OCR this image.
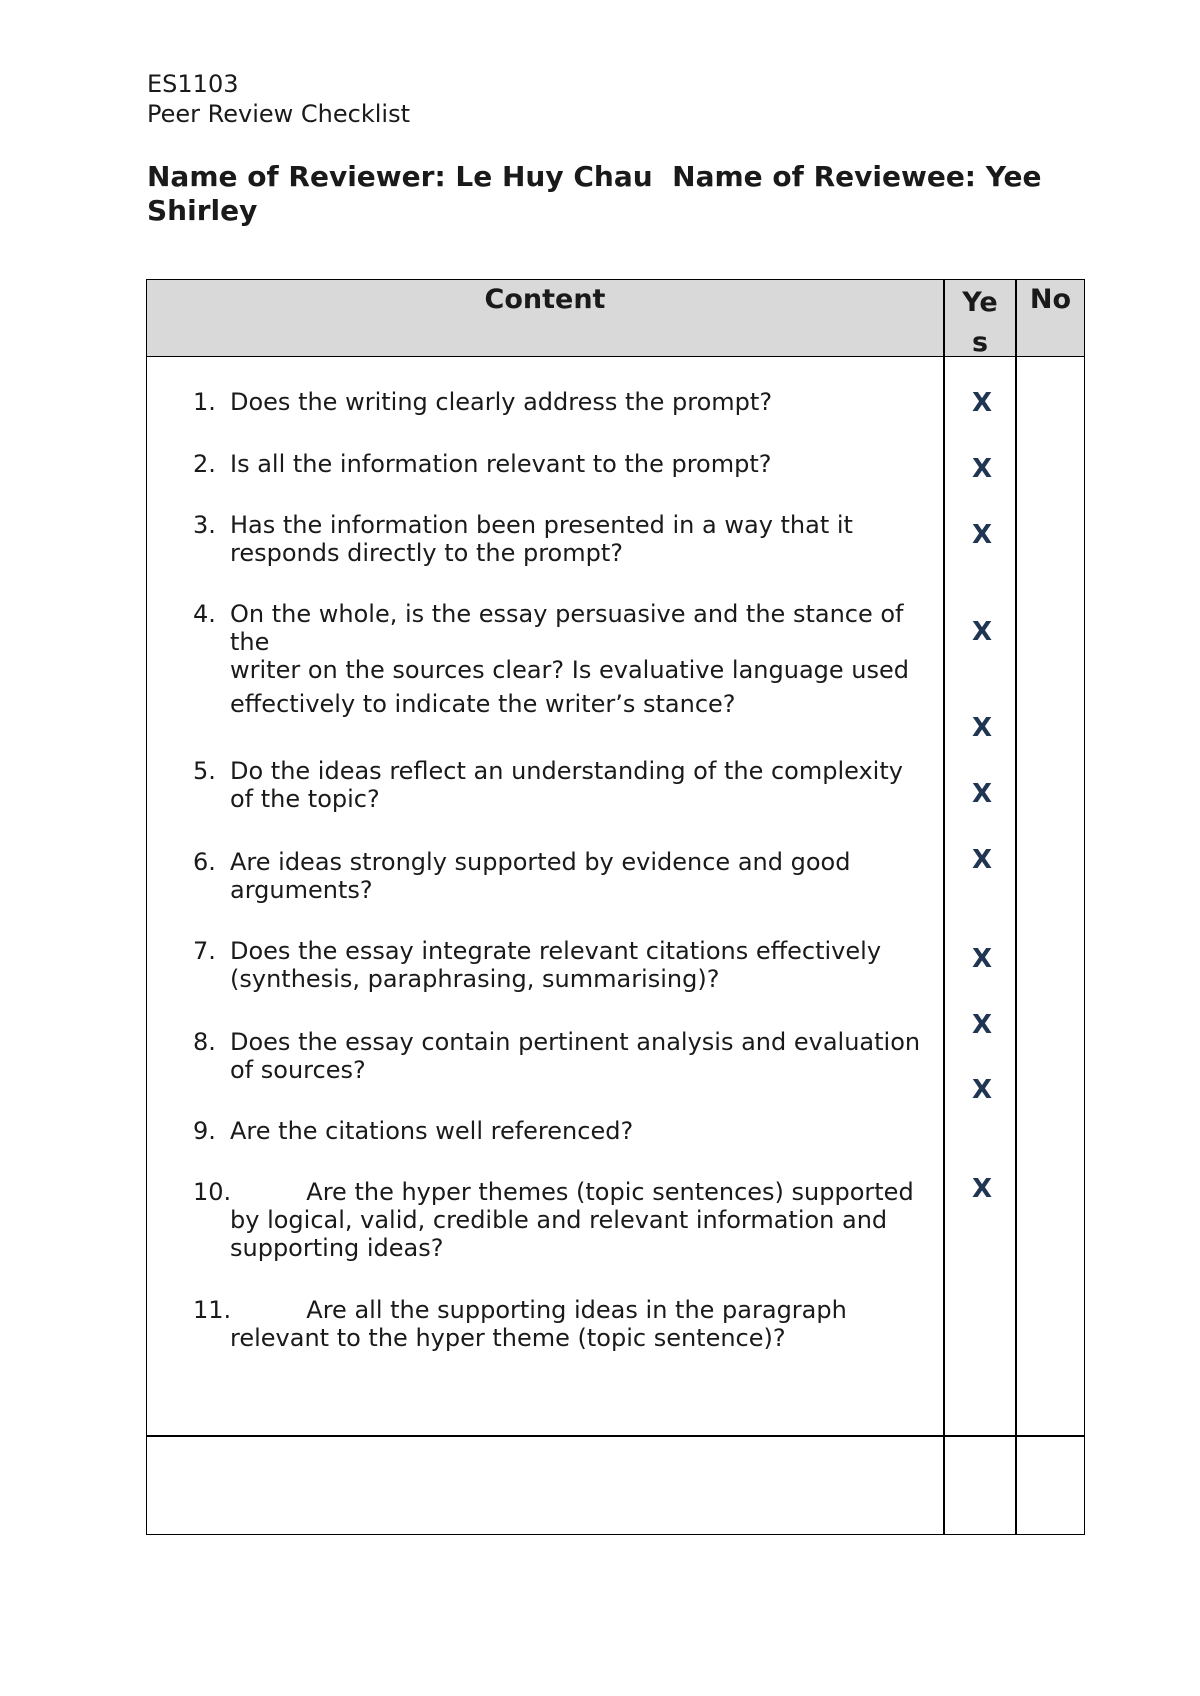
ES1103
Peer Review Checklist
Name of Reviewer: Le Huy Chau  Name of Reviewee: Yee
Shirley
Content	Yes
No
1. Does the writing clearly address the prompt?
2. Is all the information relevant to the prompt?
3. Has the information been presented in a way that it
responds directly to the prompt?
4. On the whole, is the essay persuasive and the stance of
the
writer on the sources clear? Is evaluative language used
effectively to indicate the writer’s stance?
5. Do the ideas reflect an understanding of the complexity
of the topic?
6. Are ideas strongly supported by evidence and good
arguments?
7. Does the essay integrate relevant citations effectively
(synthesis, paraphrasing, summarising)?
8. Does the essay contain pertinent analysis and evaluation
of sources?
9. Are the citations well referenced?
10.
Are the hyper themes (topic sentences) supported
by logical, valid, credible and relevant information and
supporting ideas?
11.
Are all the supporting ideas in the paragraph
relevant to the hyper theme (topic sentence)?
X
X
X
X
X
X
X
X
X
X
X
